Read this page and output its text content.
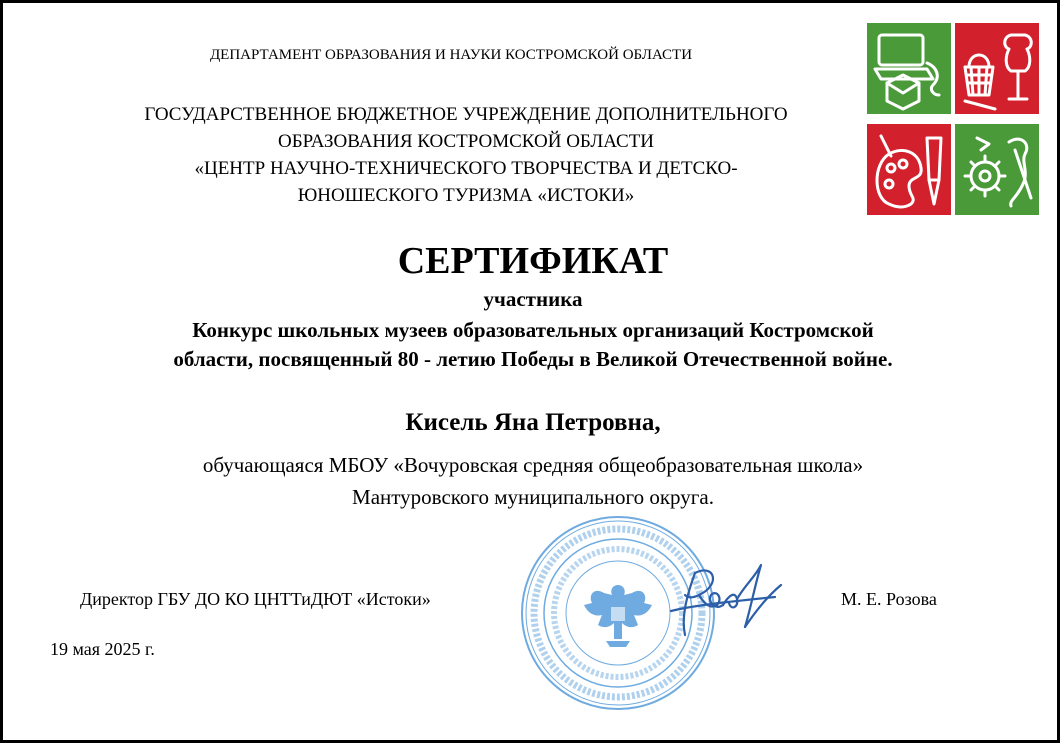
ДЕПАРТАМЕНТ ОБРАЗОВАНИЯ И НАУКИ КОСТРОМСКОЙ ОБЛАСТИ
ГОСУДАРСТВЕННОЕ БЮДЖЕТНОЕ УЧРЕЖДЕНИЕ ДОПОЛНИТЕЛЬНОГО
ОБРАЗОВАНИЯ КОСТРОМСКОЙ ОБЛАСТИ
«ЦЕНТР НАУЧНО-ТЕХНИЧЕСКОГО ТВОРЧЕСТВА И ДЕТСКО-
ЮНОШЕСКОГО ТУРИЗМА «ИСТОКИ»
СЕРТИФИКАТ
участника
Конкурс школьных музеев образовательных организаций Костромской
области, посвященный 80 - летию Победы в Великой Отечественной войне.
Кисель Яна Петровна,
обучающаяся МБОУ «Вочуровская средняя общеобразовательная школа»
Мантуровского муниципального округа.
Директор ГБУ ДО КО ЦНТТиДЮТ «Истоки»	М. Е. Розова
19 мая 2025 г.
